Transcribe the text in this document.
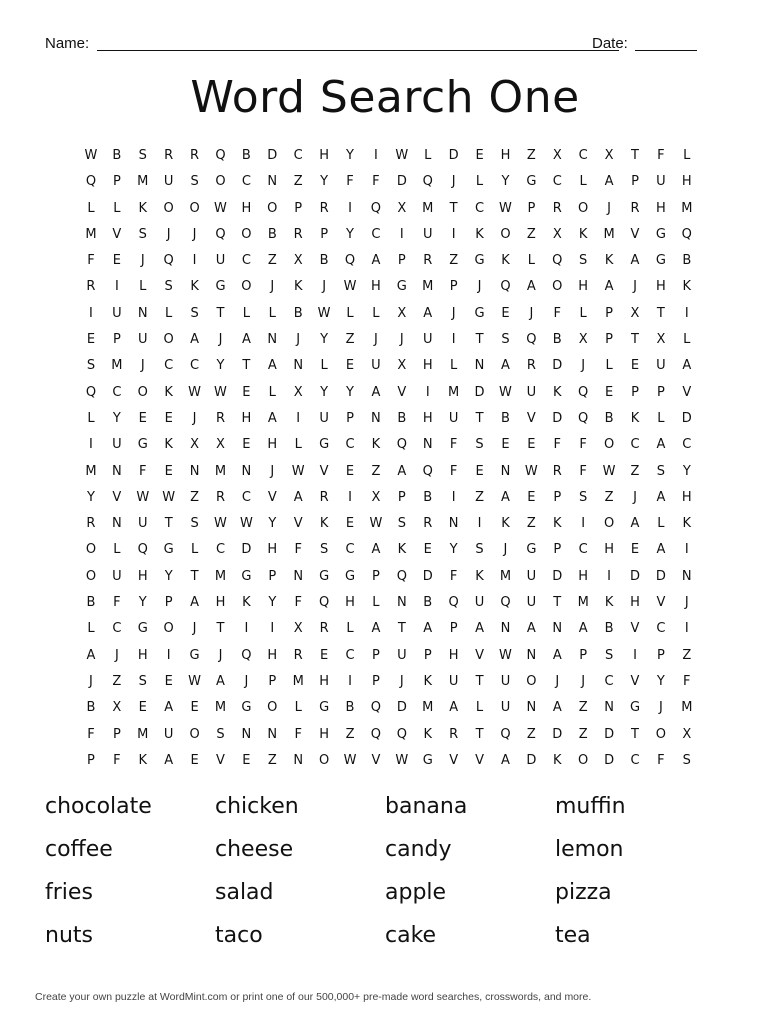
Name:	Date:
Word Search One
W	B	S	R	R	Q	B	D	C	H	Y	I	W	L	D	E	H	Z	X	C	X	T	F	L
Q	P	M	U	S	O	C	N	Z	Y	F	F	D	Q	J	L	Y	G	C	L	A	P	U	H
L	L	K	O	O	W	H	O	P	R	I	Q	X	M	T	C	W	P	R	O	J	R	H	M
M	V	S	J	J	Q	O	B	R	P	Y	C	I	U	I	K	O	Z	X	K	M	V	G	Q
F	E	J	Q	I	U	C	Z	X	B	Q	A	P	R	Z	G	K	L	Q	S	K	A	G	B
R	I	L	S	K	G	O	J	K	J	W	H	G	M	P	J	Q	A	O	H	A	J	H	K
I	U	N	L	S	T	L	L	B	W	L	L	X	A	J	G	E	J	F	L	P	X	T	I
E	P	U	O	A	J	A	N	J	Y	Z	J	J	U	I	T	S	Q	B	X	P	T	X	L
S	M	J	C	C	Y	T	A	N	L	E	U	X	H	L	N	A	R	D	J	L	E	U	A
Q	C	O	K	W	W	E	L	X	Y	Y	A	V	I	M	D	W	U	K	Q	E	P	P	V
L	Y	E	E	J	R	H	A	I	U	P	N	B	H	U	T	B	V	D	Q	B	K	L	D
I	U	G	K	X	X	E	H	L	G	C	K	Q	N	F	S	E	E	F	F	O	C	A	C
M	N	F	E	N	M	N	J	W	V	E	Z	A	Q	F	E	N	W	R	F	W	Z	S	Y
Y	V	W	W	Z	R	C	V	A	R	I	X	P	B	I	Z	A	E	P	S	Z	J	A	H
R	N	U	T	S	W	W	Y	V	K	E	W	S	R	N	I	K	Z	K	I	O	A	L	K
O	L	Q	G	L	C	D	H	F	S	C	A	K	E	Y	S	J	G	P	C	H	E	A	I
O	U	H	Y	T	M	G	P	N	G	G	P	Q	D	F	K	M	U	D	H	I	D	D	N
B	F	Y	P	A	H	K	Y	F	Q	H	L	N	B	Q	U	Q	U	T	M	K	H	V	J
L	C	G	O	J	T	I	I	X	R	L	A	T	A	P	A	N	A	N	A	B	V	C	I
A	J	H	I	G	J	Q	H	R	E	C	P	U	P	H	V	W	N	A	P	S	I	P	Z
J	Z	S	E	W	A	J	P	M	H	I	P	J	K	U	T	U	O	J	J	C	V	Y	F
B	X	E	A	E	M	G	O	L	G	B	Q	D	M	A	L	U	N	A	Z	N	G	J	M
F	P	M	U	O	S	N	N	F	H	Z	Q	Q	K	R	T	Q	Z	D	Z	D	T	O	X
P	F	K	A	E	V	E	Z	N	O	W	V	W	G	V	V	A	D	K	O	D	C	F	S
chocolate	chicken	banana	muffin
coffee	cheese	candy	lemon
fries	salad	apple	pizza
nuts	taco	cake	tea
Create your own puzzle at WordMint.com or print one of our 500,000+ pre-made word searches, crosswords, and more.
